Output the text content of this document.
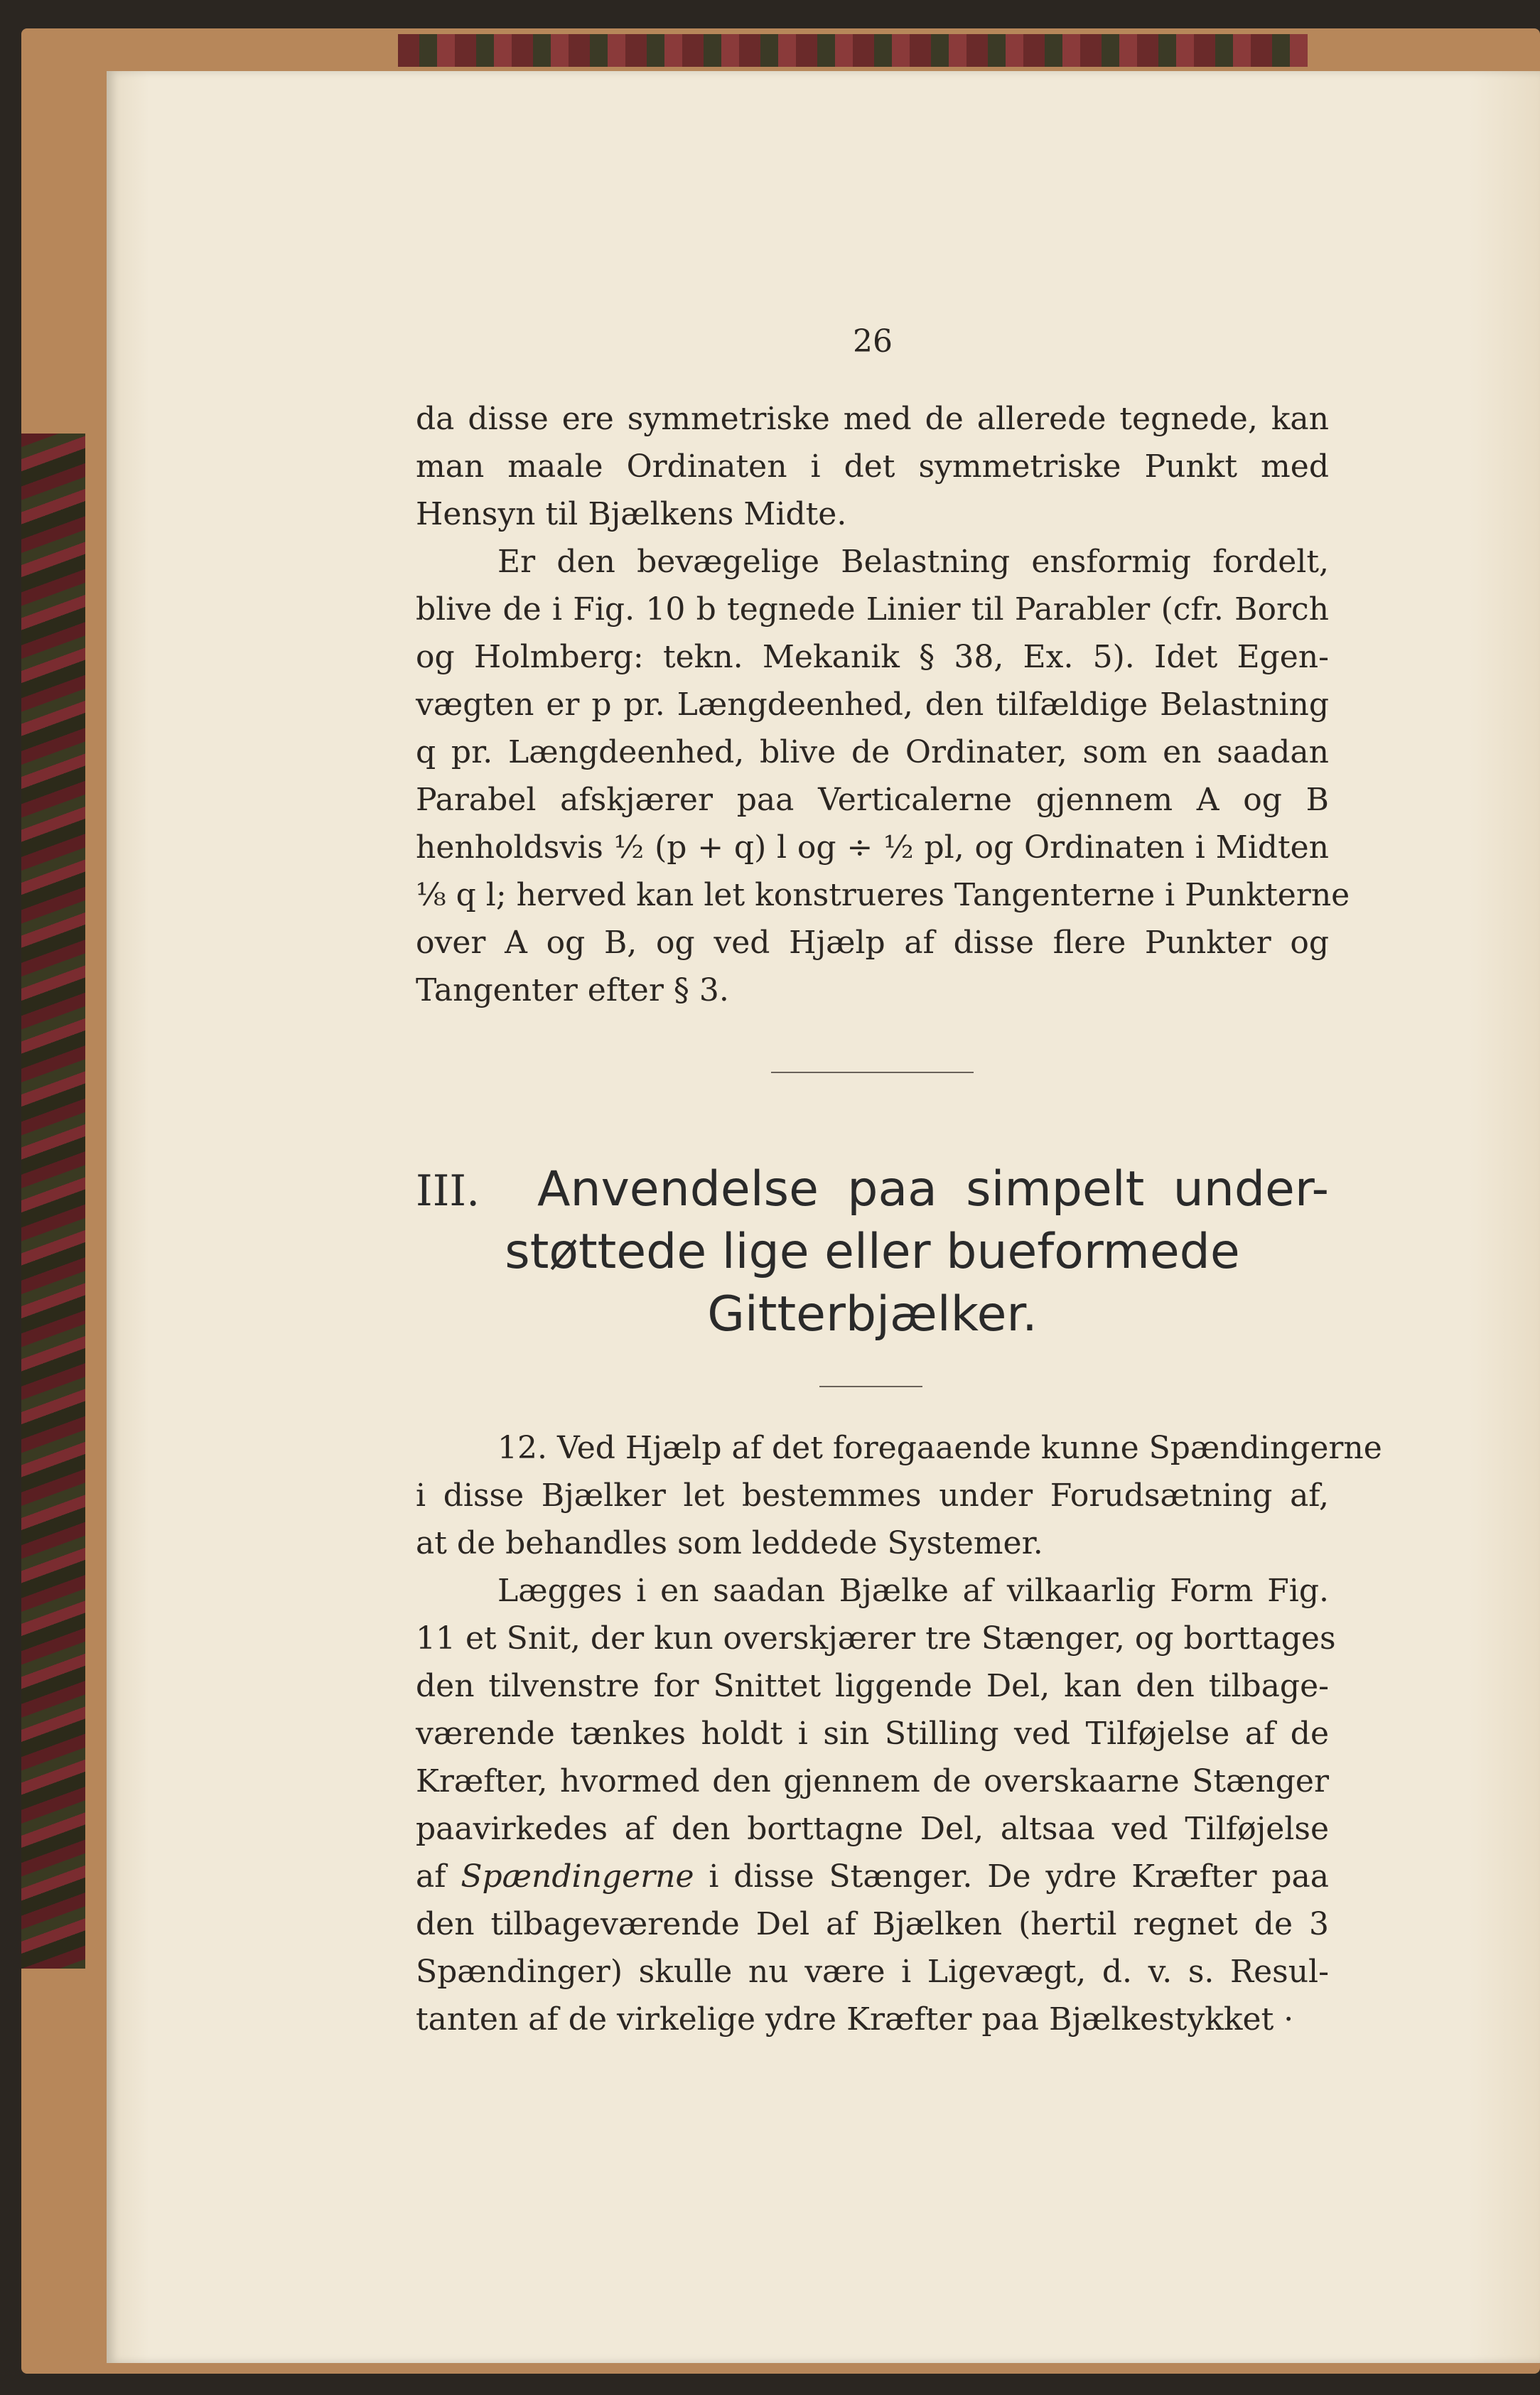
26
da disse ere symmetriske med de allerede tegnede, kan
man maale Ordinaten i det symmetriske Punkt med
Hensyn til Bjælkens Midte.
Er den bevægelige Belastning ensformig fordelt,
blive de i Fig. 10 b tegnede Linier til Parabler (cfr. Borch
og Holmberg: tekn. Mekanik § 38, Ex. 5). Idet Egen-
vægten er p pr. Længdeenhed, den tilfældige Belastning
q pr. Længdeenhed, blive de Ordinater, som en saadan
Parabel afskjærer paa Verticalerne gjennem A og B
henholdsvis ½ (p + q) l og ÷ ½ pl, og Ordinaten i Midten
⅛ q l; herved kan let konstrueres Tangenterne i Punkterne
over A og B, og ved Hjælp af disse flere Punkter og
Tangenter efter § 3.
III. Anvendelse paa simpelt under-
støttede lige eller bueformede
Gitterbjælker.
12. Ved Hjælp af det foregaaende kunne Spændingerne
i disse Bjælker let bestemmes under Forudsætning af,
at de behandles som leddede Systemer.
Lægges i en saadan Bjælke af vilkaarlig Form Fig.
11 et Snit, der kun overskjærer tre Stænger, og borttages
den tilvenstre for Snittet liggende Del, kan den tilbage-
værende tænkes holdt i sin Stilling ved Tilføjelse af de
Kræfter, hvormed den gjennem de overskaarne Stænger
paavirkedes af den borttagne Del, altsaa ved Tilføjelse
af Spændingerne i disse Stænger. De ydre Kræfter paa
den tilbageværende Del af Bjælken (hertil regnet de 3
Spændinger) skulle nu være i Ligevægt, d. v. s. Resul-
tanten af de virkelige ydre Kræfter paa Bjælkestykket ·
